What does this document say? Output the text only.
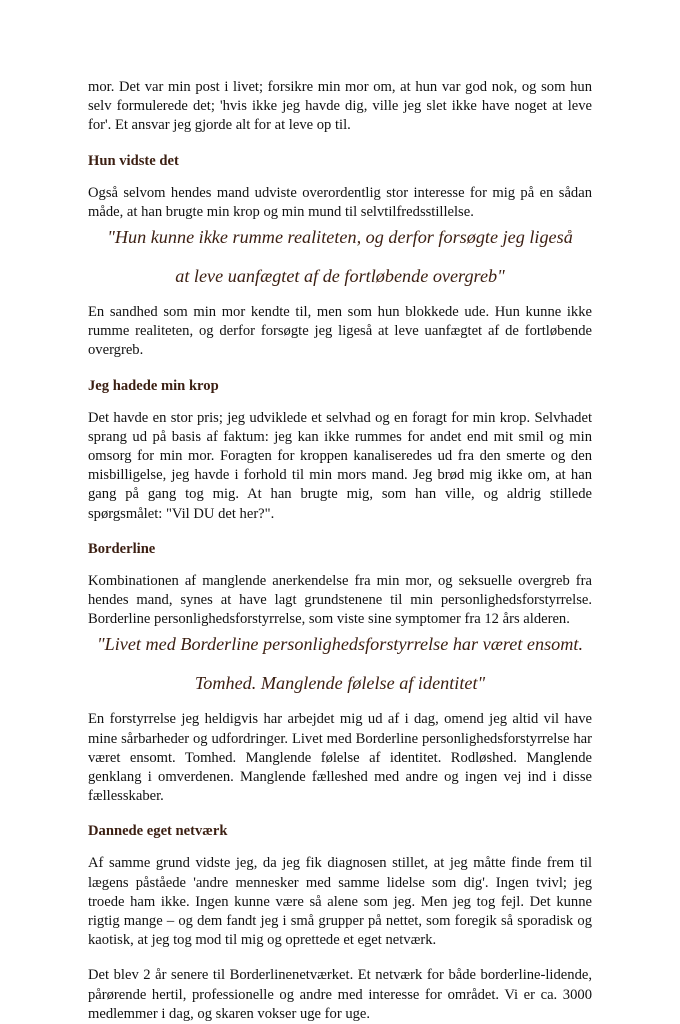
mor. Det var min post i livet; forsikre min mor om, at hun var god nok, og som hun selv formulerede det; 'hvis ikke jeg havde dig, ville jeg slet ikke have noget at leve for'. Et ansvar jeg gjorde alt for at leve op til.

Hun vidste det

Også selvom hendes mand udviste overordentlig stor interesse for mig på en sådan måde, at han brugte min krop og min mund til selvtilfredsstillelse.

"Hun kunne ikke rumme realiteten, og derfor forsøgte jeg ligeså
at leve uanfægtet af de fortløbende overgreb"

En sandhed som min mor kendte til, men som hun blokkede ude. Hun kunne ikke rumme realiteten, og derfor forsøgte jeg ligeså at leve uanfægtet af de fortløbende overgreb.

Jeg hadede min krop

Det havde en stor pris; jeg udviklede et selvhad og en foragt for min krop. Selvhadet sprang ud på basis af faktum: jeg kan ikke rummes for andet end mit smil og min omsorg for min mor. Foragten for kroppen kanaliseredes ud fra den smerte og den misbilligelse, jeg havde i forhold til min mors mand. Jeg brød mig ikke om, at han gang på gang tog mig. At han brugte mig, som han ville, og aldrig stillede spørgsmålet: "Vil DU det her?".

Borderline

Kombinationen af manglende anerkendelse fra min mor, og seksuelle overgreb fra hendes mand, synes at have lagt grundstenene til min personlighedsforstyrrelse. Borderline personlighedsforstyrrelse, som viste sine symptomer fra 12 års alderen.

"Livet med Borderline personlighedsforstyrrelse har været ensomt.
Tomhed. Manglende følelse af identitet"

En forstyrrelse jeg heldigvis har arbejdet mig ud af i dag, omend jeg altid vil have mine sårbarheder og udfordringer. Livet med Borderline personlighedsforstyrrelse har været ensomt. Tomhed. Manglende følelse af identitet. Rodløshed. Manglende genklang i omverdenen. Manglende fælleshed med andre og ingen vej ind i disse fællesskaber.

Dannede eget netværk

Af samme grund vidste jeg, da jeg fik diagnosen stillet, at jeg måtte finde frem til lægens påståede 'andre mennesker med samme lidelse som dig'. Ingen tvivl; jeg troede ham ikke. Ingen kunne være så alene som jeg. Men jeg tog fejl. Det kunne rigtig mange – og dem fandt jeg i små grupper på nettet, som foregik så sporadisk og kaotisk, at jeg tog mod til mig og oprettede et eget netværk.

Det blev 2 år senere til Borderlinenetværket. Et netværk for både borderline-lidende, pårørende hertil, professionelle og andre med interesse for området. Vi er ca. 3000 medlemmer i dag, og skaren vokser uge for uge.
